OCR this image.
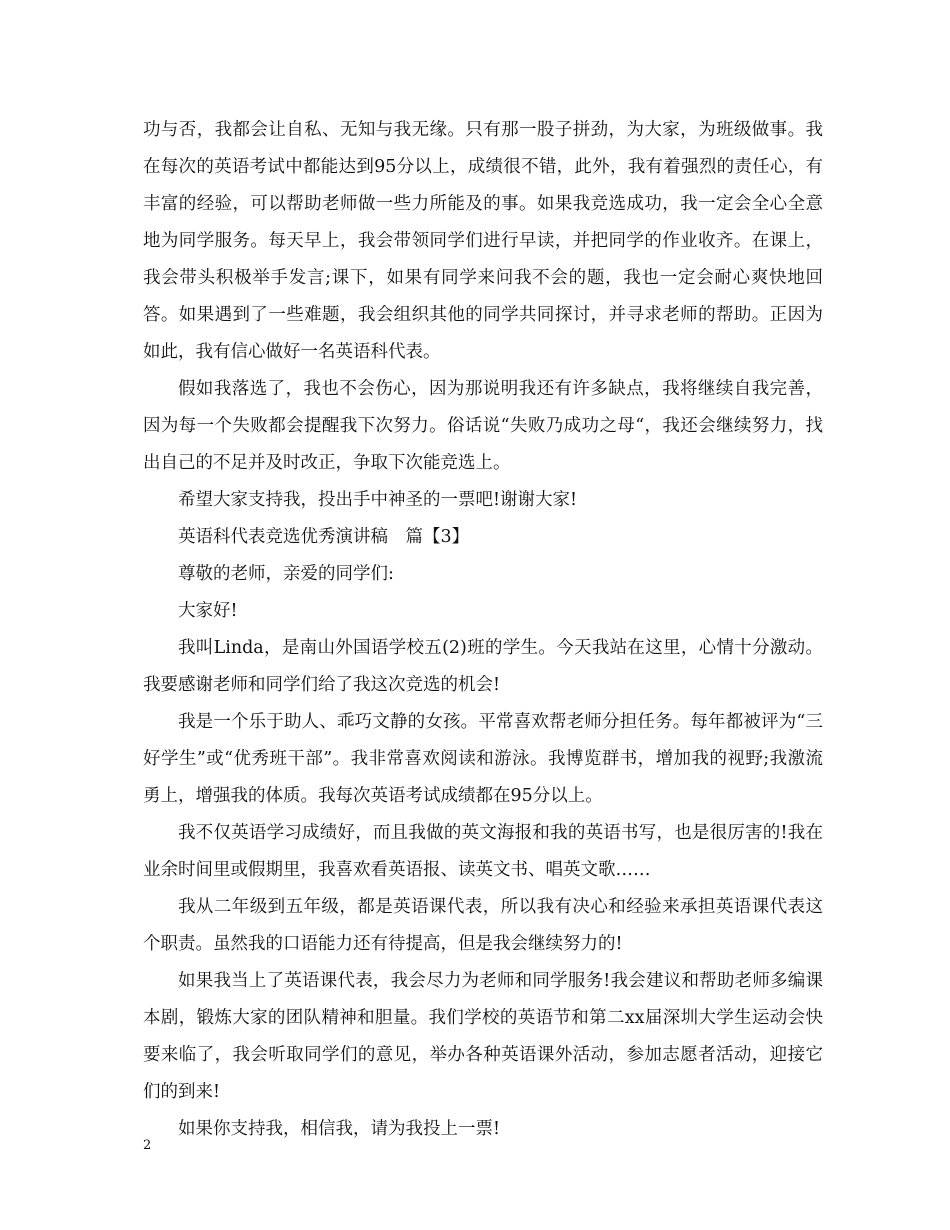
功与否，我都会让自私、无知与我无缘。只有那一股子拼劲，为大家，为班级做事。我在每次的英语考试中都能达到95分以上，成绩很不错，此外，我有着强烈的责任心，有丰富的经验，可以帮助老师做一些力所能及的事。如果我竞选成功，我一定会全心全意地为同学服务。每天早上，我会带领同学们进行早读，并把同学的作业收齐。在课上，我会带头积极举手发言;课下，如果有同学来问我不会的题，我也一定会耐心爽快地回答。如果遇到了一些难题，我会组织其他的同学共同探讨，并寻求老师的帮助。正因为如此，我有信心做好一名英语科代表。

假如我落选了，我也不会伤心，因为那说明我还有许多缺点，我将继续自我完善，因为每一个失败都会提醒我下次努力。俗话说“失败乃成功之母“，我还会继续努力，找出自己的不足并及时改正，争取下次能竞选上。

希望大家支持我，投出手中神圣的一票吧!谢谢大家!

英语科代表竞选优秀演讲稿　篇【3】

尊敬的老师，亲爱的同学们:

大家好!

我叫Linda，是南山外国语学校五(2)班的学生。今天我站在这里，心情十分激动。我要感谢老师和同学们给了我这次竞选的机会!

我是一个乐于助人、乖巧文静的女孩。平常喜欢帮老师分担任务。每年都被评为“三好学生”或“优秀班干部”。我非常喜欢阅读和游泳。我博览群书，增加我的视野;我激流勇上，增强我的体质。我每次英语考试成绩都在95分以上。

我不仅英语学习成绩好，而且我做的英文海报和我的英语书写，也是很厉害的!我在业余时间里或假期里，我喜欢看英语报、读英文书、唱英文歌……

我从二年级到五年级，都是英语课代表，所以我有决心和经验来承担英语课代表这个职责。虽然我的口语能力还有待提高，但是我会继续努力的!

如果我当上了英语课代表，我会尽力为老师和同学服务!我会建议和帮助老师多编课本剧，锻炼大家的团队精神和胆量。我们学校的英语节和第二xx届深圳大学生运动会快要来临了，我会听取同学们的意见，举办各种英语课外活动，参加志愿者活动，迎接它们的到来!

如果你支持我，相信我，请为我投上一票!

2
